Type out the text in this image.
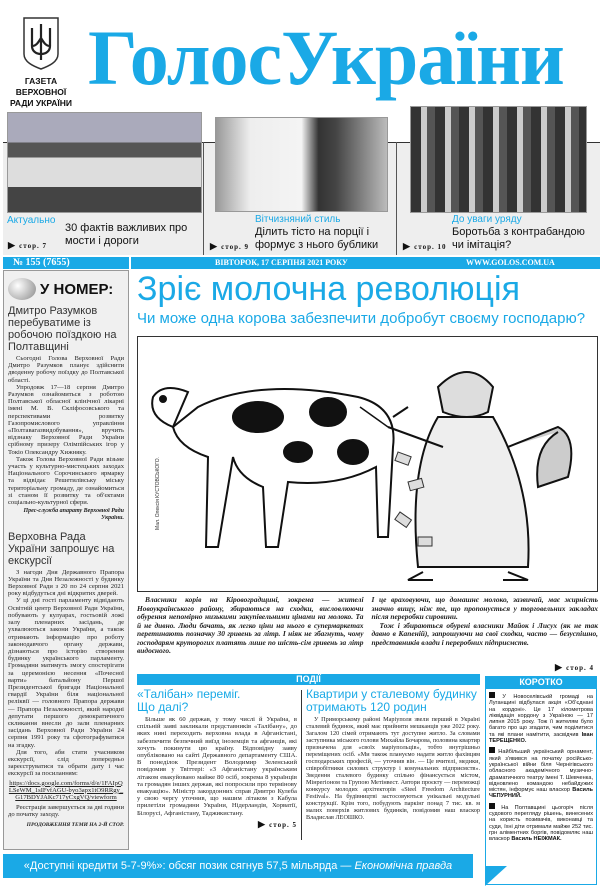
ГАЗЕТА ВЕРХОВНОЇ РАДИ УКРАЇНИ
ГолосУкраїни
Актуально
30 фактів важливих про мости і дороги
▶ стор. 7
Вітчизняний стиль
Ділить тісто на порції і формує з нього бублики
▶ стор. 9
До уваги уряду
Боротьба з контрабандою чи імітація?
▶ стор. 10
№ 155 (7655)	ВІВТОРОК, 17 СЕРПНЯ 2021 РОКУ	WWW.GOLOS.COM.UA
У НОМЕР:
Дмитро Разумков перебуватиме із робочою поїздкою на Полтавщині

Сьогодні Голова Верховної Ради Дмитро Разумков планує здійснити дводенну робочу поїздку до Полтавської області.

Упродовж 17—18 серпня Дмитро Разумков ознайомиться з роботою Полтавської обласної клінічної лікарні імені М. В. Скліфосовського та перспективами розвитку Газопромислового управління «Полтавагазвидобування», вручить відзнаку Верховної Ради України срібному призеру Олімпійських ігор у Токіо Олександру Хижняку.

Також Голова Верховної Ради візьме участь у культурно-мистецьких заходах Національного Сорочинського ярмарку та відвідає Решетилівську міську територіальну громаду, де ознайомиться зі станом її розвитку та об'єктами соціально-культурної сфери.

Прес-служба апарату Верховної Ради України.
Верховна Рада України запрошує на екскурсії

З нагоди Дня Державного Прапора України та Дня Незалежності у будинку Верховної Ради з 20 по 24 серпня 2021 року відбудуться дні відкритих дверей.

У ці дні гості парламенту відвідають Освітній центр Верховної Ради України, побувають у кулуарах, гостьовій ложі залу пленарних засідань, де ухвалюються закони України, а також отримають інформацію про роботу законодавчого органу держави, дізнаються про історію створення будинку українського парламенту. Громадяни матимуть змогу спостерігати за церемонією несення «Почесної варти» батальйону Першої Президентської бригади Національної гвардії України біля національної реліквії — головного Прапора держави — Прапора Незалежності, який народні депутати першого демократичного скликання внесли до зали пленарних засідань Верховної Ради України 24 серпня 1991 року та сфотографуватися на згадку.

Для того, аби стати учасником екскурсії, слід попередньо зареєструватися та обрати дату і час екскурсії за посиланням:

https://docs.google.com/forms/d/e/1FAIpQLSeWM_1sIFvfAGU-byo3apx1tO9RRgy_G17BDYJAKc717yCxgVQ/viewform

Реєстрація завершується за дві години до початку заходу.

ПРОДОВЖЕННЯ ТЕМИ НА 2-Й СТОР.
Зріє молочна революція
Чи може одна корова забезпечити добробут своєму господарю?
Мал. Олексія КУСТОВСЬКОГО.

Власники корів на Кіровоградщині, зокрема — жителі Новоукраїнського району, збираються на сходки, висловлюючи обурення непомірно низькими закупівельними цінами на молоко. Та й не дивно. Люди бачать, як легко ціни на нього в супермаркетах перетинають позначку 30 гривень за літр. І ніяк не збагнуть, чому господарям круторогих платять лише по шість-сім гривень за літр видоєного.

І це враховуючи, що домашнє молоко, зазвичай, має жирність значно вищу, ніж те, що пропонується у торговельних закладах після переробки сировини.

Тож і збираються обурені власники Майок і Лисух (як не так давно в Капеній), запрошуючи на свої сходки, часто — безуспішно, представників влади і переробних підприємств.

▶ стор. 4
ПОДІЇ
«Талібан» переміг. Що далі?
Більше як 60 держав, у тому числі й Україна, в спільній заяві закликали представників «Талібану», до яких нині переходить верховна влада в Афганістані, забезпечити безпечний виїзд іноземців та афганців, які хочуть покинути цю країну. Відповідну заяву опубліковано на сайті Державного департаменту США. В понеділок Президент Володимир Зеленський повідомив у Твіттері: «З Афганістану українським літаком евакуйовано майже 80 осіб, зокрема 8 українців та громадян інших держав, які попросили про термінову евакуацію». Міністр закордонних справ Дмитро Кулеба у свою чергу уточнив, що нашим літаком з Кабула прилетіли громадяни України, Нідерландів, Хорватії, Білорусі, Афганістану, Таджикистану.
▶ стор. 5
Квартири у сталевому будинку отримають 120 родин
У Приморському районі Маріуполя звели перший в Україні сталевий будинок, який має прийняти мешканців уже 2022 року. Загалом 120 сімей отримають тут доступне житло. За словами заступника міського голови Михайла Бочарова, половина квартир призначена для «своїх маріупольців», тобто внутрішньо переміщених осіб. «Ми також плануємо надати житло фахівцям господарських професій, — уточнив він. — Це вчителі, медики, співробітники силових структур і комунальних підприємств». Зведення сталевого будинку спільно фінансується містом, Мінрегіоном та Групою Метінвест. Автори проєкту — переможці конкурсу молодих архітекторів «Steel Freedom Architecture Festival». На будівництві застосовуються унікальні модульні конструкції. Крім того, побудують паркінг понад 7 тис. кв. м малих поверхів житлових будинків, повідомив наш власкор Владислав ЛЕОШКО.
КОРОТКО
У Новоселівській громаді на Луганщині відбулася акція «Об'єднані на кордоні». Це 17 кілометрова ліквідація кордону з Україною — 17 липня 2015 року. Тож її жителям було багато про що згадати, чим поділитися та які плани намітити, засвідчив Іван ТЕРЕЩЕНКО.
Найбільший український орнамент, який з'явився на початку російсько-української війни біля Чернігівського обласного академічного музично-драматичного театру імені Т. Шевченка, відновлено командою небайдужих містян, інформує наш власкор Василь ЧЕПУРНИЙ.
На Полтавщині цьогоріч після судового перегляду рішень, винесених на користь позивачів, виконавці та суди, їхні діти отримали майже 252 тис. грн аліментних боргів, повідомляє наш власкор Василь НЕІЖМАК.
«Доступні кредити 5-7-9%»: обсяг позик сягнув 57,5 мільярда — Економічна правда
